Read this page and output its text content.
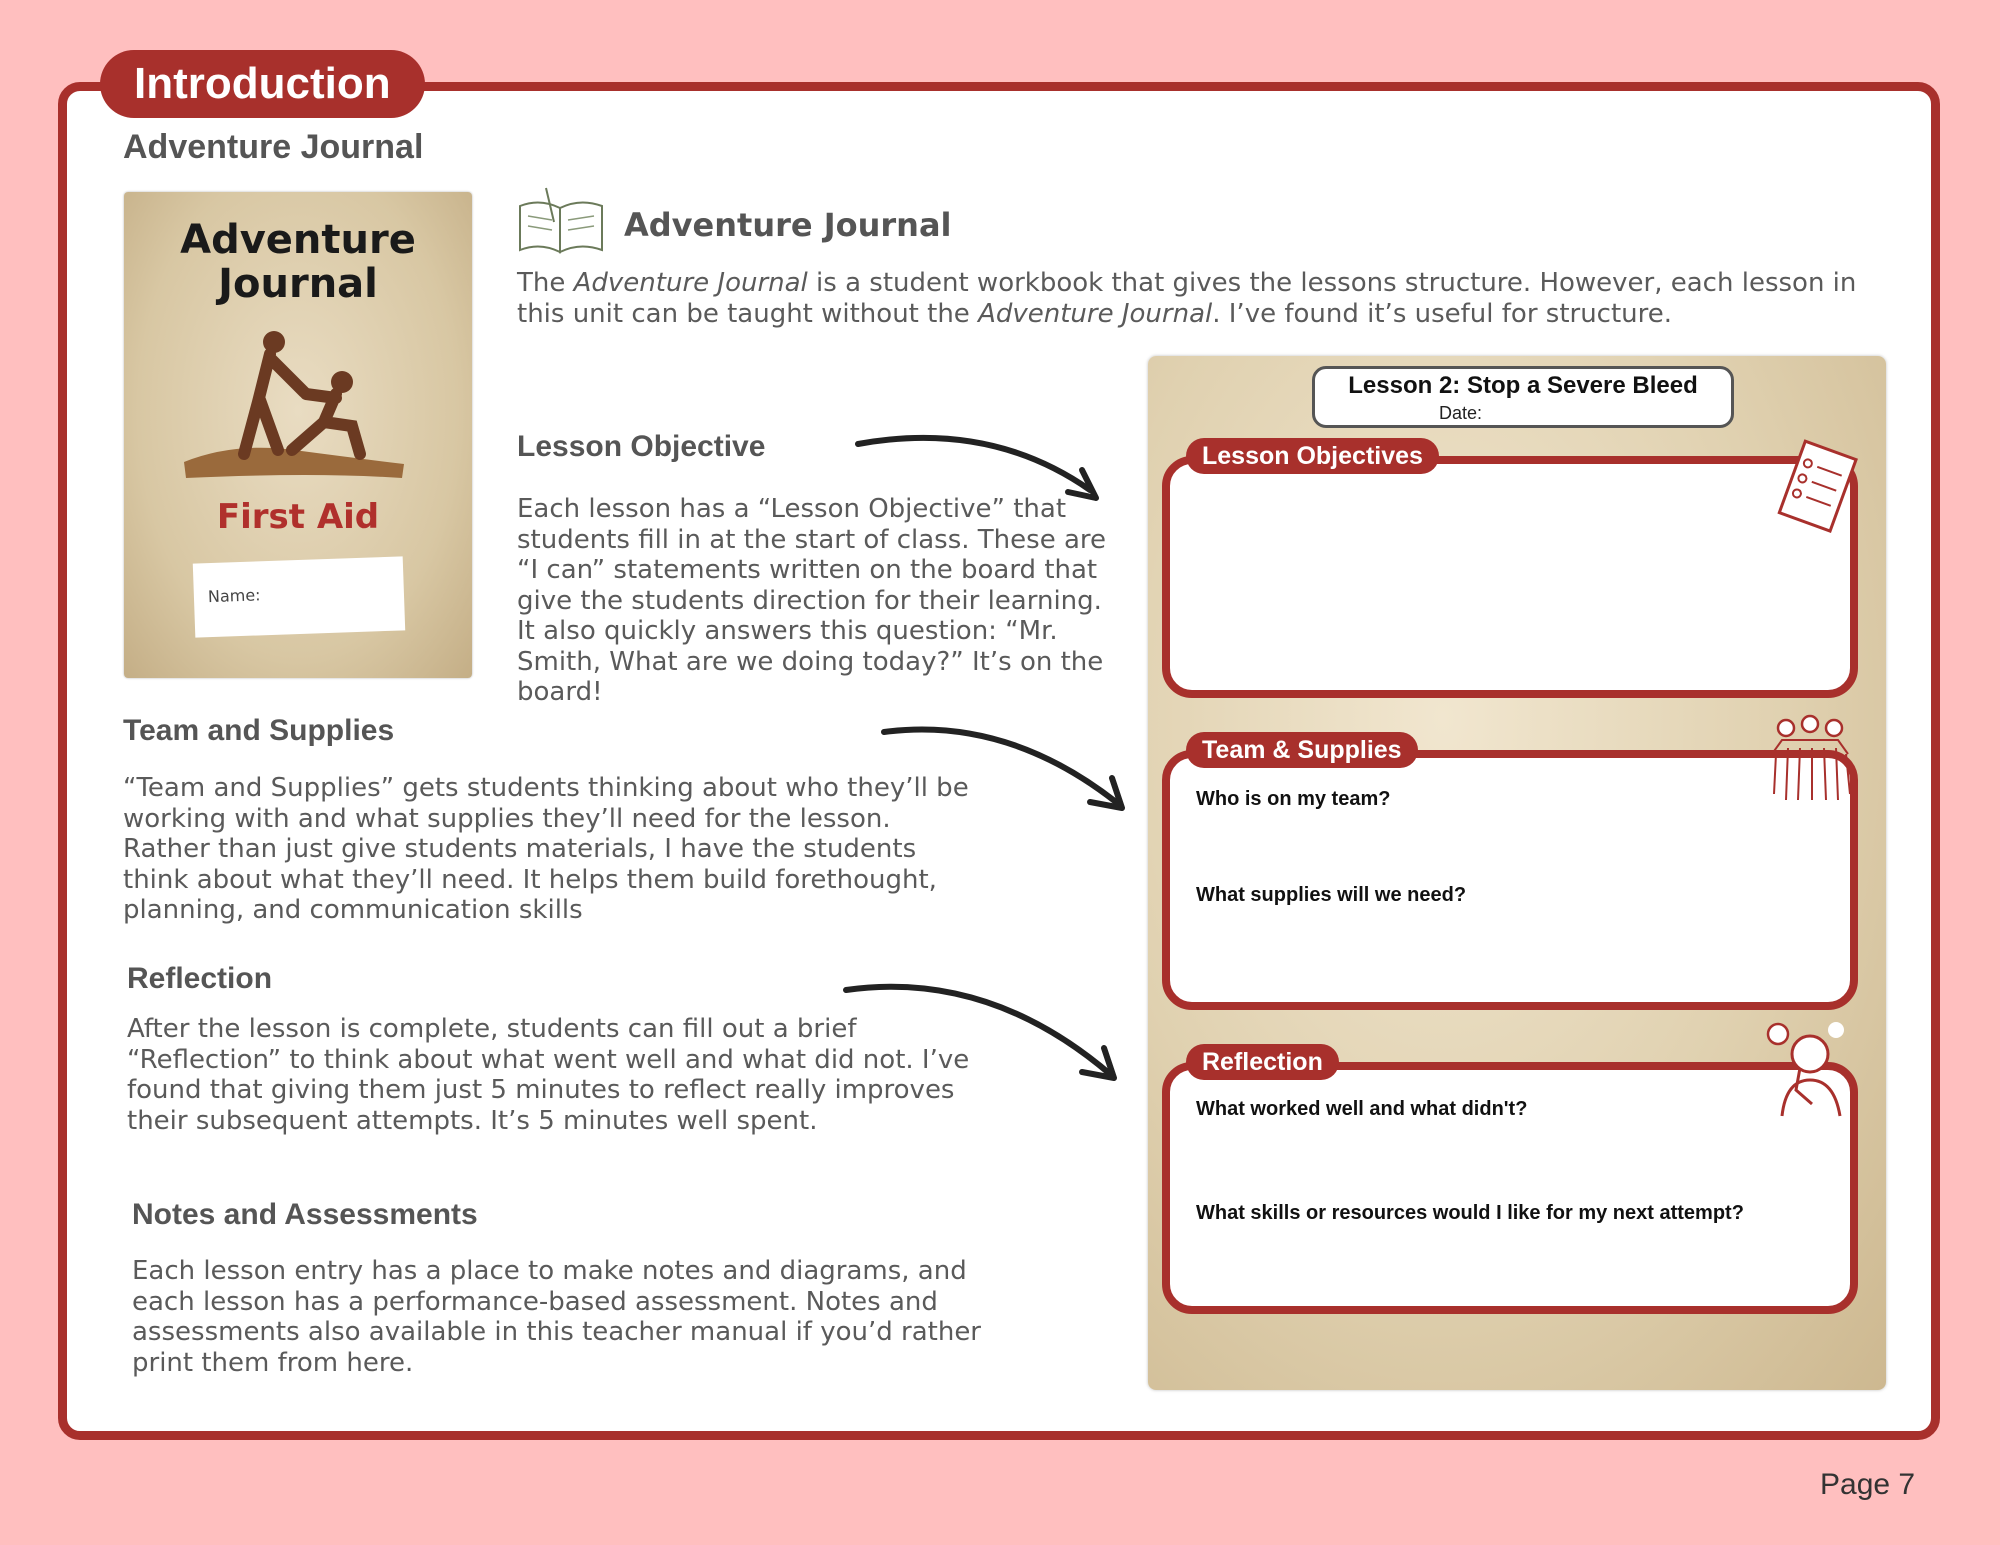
Introduction
Adventure Journal
Adventure
Journal
First Aid
Name:
Adventure Journal

The Adventure Journal is a student workbook that gives the lessons structure. However, each lesson in this unit can be taught without the Adventure Journal. I’ve found it’s useful for structure.

Lesson Objective

Each lesson has a “Lesson Objective” that students fill in at the start of class. These are “I can” statements written on the board that give the students direction for their learning. It also quickly answers this question: “Mr. Smith, What are we doing today?” It’s on the board!

Team and Supplies

“Team and Supplies” gets students thinking about who they’ll be working with and what supplies they’ll need for the lesson. Rather than just give students materials, I have the students think about what they’ll need. It helps them build forethought, planning, and communication skills

Reflection

After the lesson is complete, students can fill out a brief “Reflection” to think about what went well and what did not. I’ve found that giving them just 5 minutes to reflect really improves their subsequent attempts. It’s 5 minutes well spent.

Notes and Assessments

Each lesson entry has a place to make notes and diagrams, and each lesson has a performance-based assessment. Notes and assessments also available in this teacher manual if you’d rather print them from here.

Lesson 2: Stop a Severe Bleed
Date:
Lesson Objectives
Team & Supplies
Who is on my team?
What supplies will we need?
Reflection
What worked well and what didn't?
What skills or resources would I like for my next attempt?
Page 7
